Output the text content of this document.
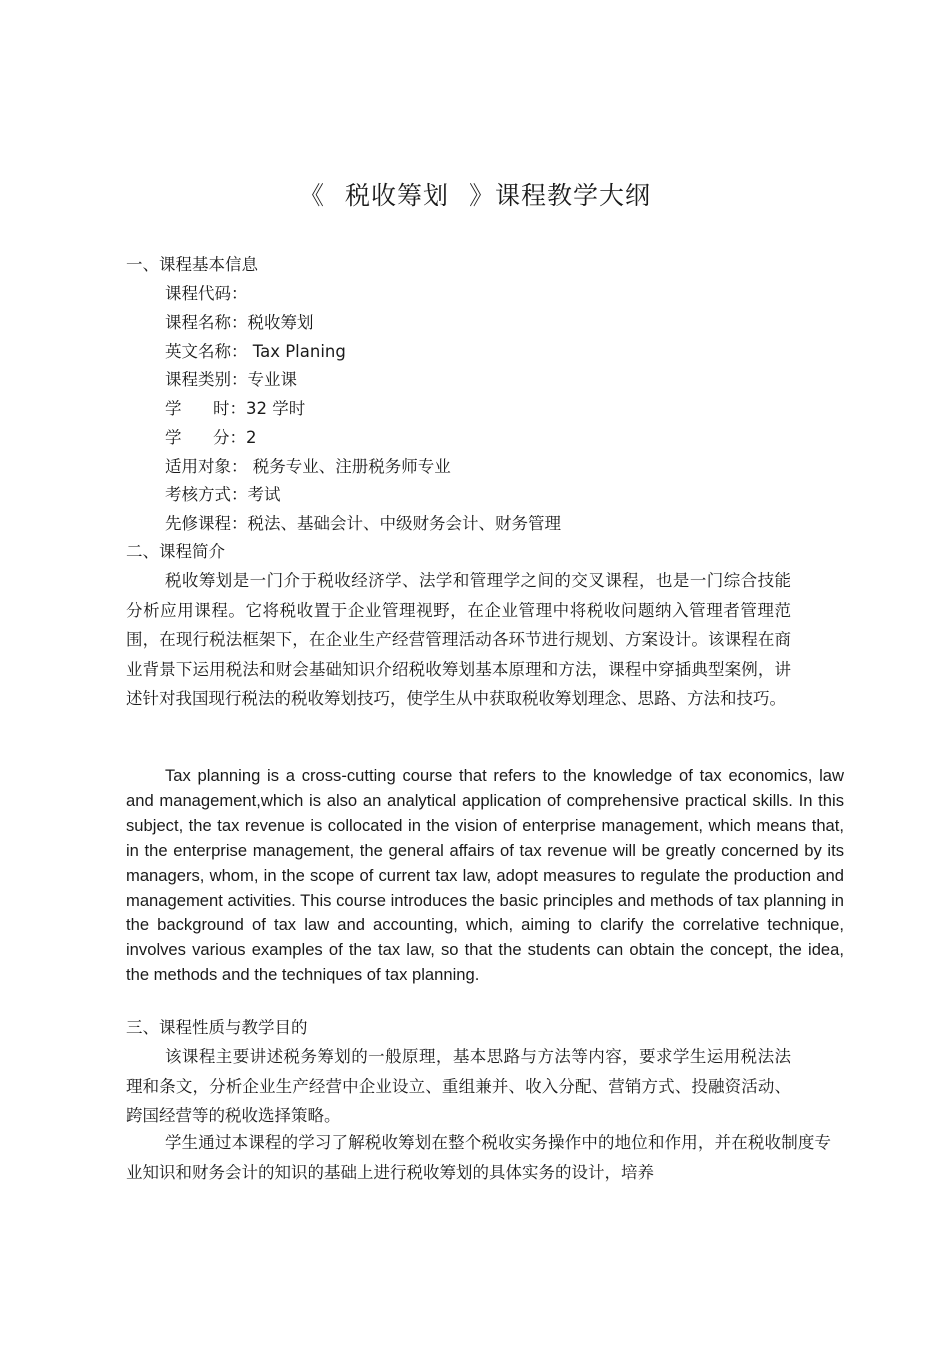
《 税收筹划 》课程教学大纲
一、课程基本信息
课程代码：
课程名称：税收筹划
英文名称： Tax Planing
课程类别：专业课
学      时：32 学时
学      分：2
适用对象： 税务专业、注册税务师专业
考核方式：考试
先修课程：税法、基础会计、中级财务会计、财务管理
二、课程简介

税收筹划是一门介于税收经济学、法学和管理学之间的交叉课程，也是一门综合技能分析应用课程。它将税收置于企业管理视野，在企业管理中将税收问题纳入管理者管理范围，在现行税法框架下，在企业生产经营管理活动各环节进行规划、方案设计。该课程在商业背景下运用税法和财会基础知识介绍税收筹划基本原理和方法，课程中穿插典型案例，讲述针对我国现行税法的税收筹划技巧，使学生从中获取税收筹划理念、思路、方法和技巧。

Tax planning is a cross-cutting course that refers to the knowledge of tax economics, law and management,which is also an analytical application of comprehensive practical skills. In this subject, the tax revenue is collocated in the vision of enterprise management, which means that, in the enterprise management, the general affairs of tax revenue will be greatly concerned by its managers, whom, in the scope of current tax law, adopt measures to regulate the production and management activities. This course introduces the basic principles and methods of tax planning in the background of tax law and accounting, which, aiming to clarify the correlative technique, involves various examples of the tax law, so that the students can obtain the concept, the idea, the methods and the techniques of tax planning.

三、课程性质与教学目的

该课程主要讲述税务筹划的一般原理，基本思路与方法等内容，要求学生运用税法法理和条文，分析企业生产经营中企业设立、重组兼并、收入分配、营销方式、投融资活动、跨国经营等的税收选择策略。

学生通过本课程的学习了解税收筹划在整个税收实务操作中的地位和作用，并在税收制度专业知识和财务会计的知识的基础上进行税收筹划的具体实务的设计，培养
